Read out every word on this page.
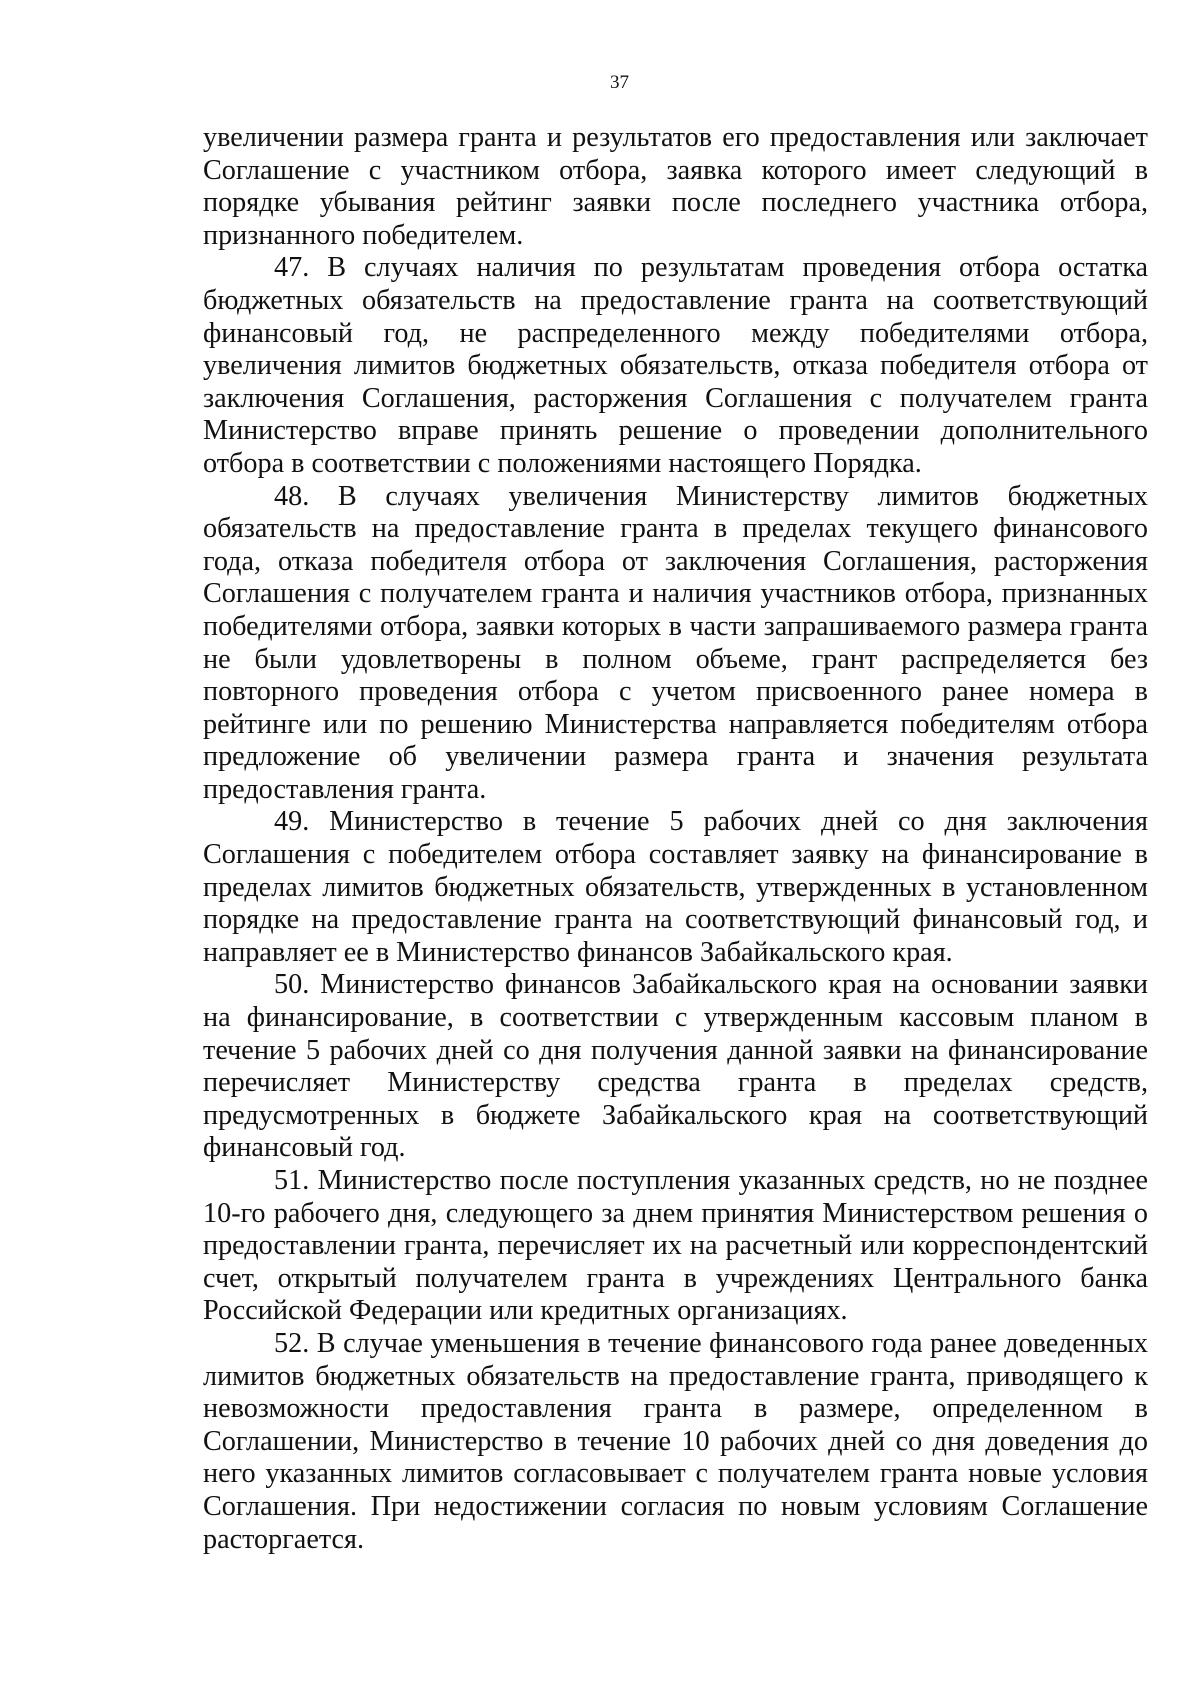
37

увеличении размера гранта и результатов его предоставления или заключает Соглашение с участником отбора, заявка которого имеет следующий в порядке убывания рейтинг заявки после последнего участника отбора, признанного победителем.

47. В случаях наличия по результатам проведения отбора остатка бюджетных обязательств на предоставление гранта на соответствующий финансовый год, не распределенного между победителями отбора, увеличения лимитов бюджетных обязательств, отказа победителя отбора от заключения Соглашения, расторжения Соглашения с получателем гранта Министерство вправе принять решение о проведении дополнительного отбора в соответствии с положениями настоящего Порядка.

48. В случаях увеличения Министерству лимитов бюджетных обязательств на предоставление гранта в пределах текущего финансового года, отказа победителя отбора от заключения Соглашения, расторжения Соглашения с получателем гранта и наличия участников отбора, признанных победителями отбора, заявки которых в части запрашиваемого размера гранта не были удовлетворены в полном объеме, грант распределяется без повторного проведения отбора с учетом присвоенного ранее номера в рейтинге или по решению Министерства направляется победителям отбора предложение об увеличении размера гранта и значения результата предоставления гранта.

49. Министерство в течение 5 рабочих дней со дня заключения Соглашения с победителем отбора составляет заявку на финансирование в пределах лимитов бюджетных обязательств, утвержденных в установленном порядке на предоставление гранта на соответствующий финансовый год, и направляет ее в Министерство финансов Забайкальского края.

50. Министерство финансов Забайкальского края на основании заявки на финансирование, в соответствии с утвержденным кассовым планом в течение 5 рабочих дней со дня получения данной заявки на финансирование перечисляет Министерству средства гранта в пределах средств, предусмотренных в бюджете Забайкальского края на соответствующий финансовый год.

51. Министерство после поступления указанных средств, но не позднее 10-го рабочего дня, следующего за днем принятия Министерством решения о предоставлении гранта, перечисляет их на расчетный или корреспондентский счет, открытый получателем гранта в учреждениях Центрального банка Российской Федерации или кредитных организациях.

52. В случае уменьшения в течение финансового года ранее доведенных лимитов бюджетных обязательств на предоставление гранта, приводящего к невозможности предоставления гранта в размере, определенном в Соглашении, Министерство в течение 10 рабочих дней со дня доведения до него указанных лимитов согласовывает с получателем гранта новые условия Соглашения. При недостижении согласия по новым условиям Соглашение расторгается.
